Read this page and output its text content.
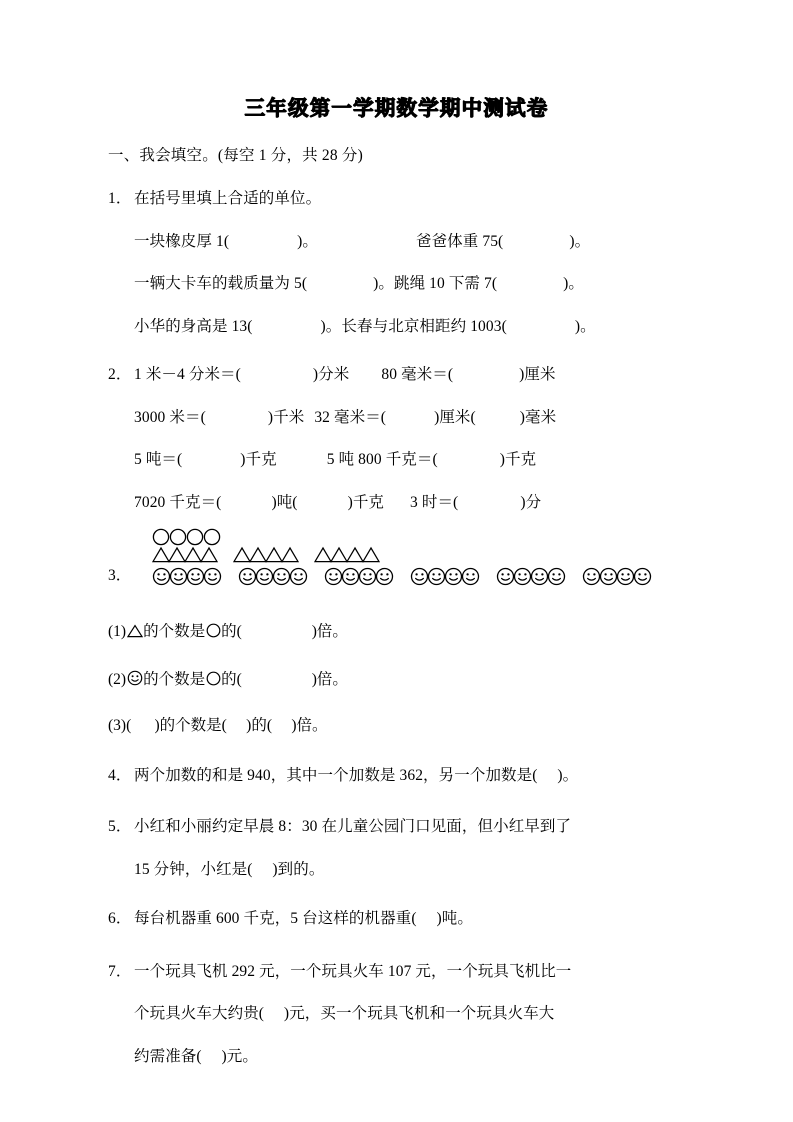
三年级第一学期数学期中测试卷
一、我会填空。(每空 1 分，共 28 分)
1． 在括号里填上合适的单位。
一块橡皮厚 1(	)。	爸爸体重 75(	)。
一辆大卡车的载质量为 5(	)。跳绳 10 下需 7(	)。
小华的身高是 13(	)。长春与北京相距约 1003(	)。
2． 1 米－4 分米＝(	)分米 80 毫米＝(	)厘米
3000 米＝(	)千米 32 毫米＝(	)厘米(	)毫米
5 吨＝(	)千克	5 吨 800 千克＝(	)千克
7020 千克＝(	)吨(	)千克 3 时＝(	)分
3．
(1) 的个数是 的(	)倍。
(2) 的个数是 的(	)倍。
(3)(      )的个数是(     )的(     )倍。
4． 两个加数的和是 940，其中一个加数是 362，另一个加数是(     )。
5． 小红和小丽约定早晨 8：30 在儿童公园门口见面，但小红早到了
15 分钟，小红是(     )到的。
6． 每台机器重 600 千克，5 台这样的机器重(     )吨。
7． 一个玩具飞机 292 元，一个玩具火车 107 元，一个玩具飞机比一
个玩具火车大约贵(     )元，买一个玩具飞机和一个玩具火车大
约需准备(     )元。
